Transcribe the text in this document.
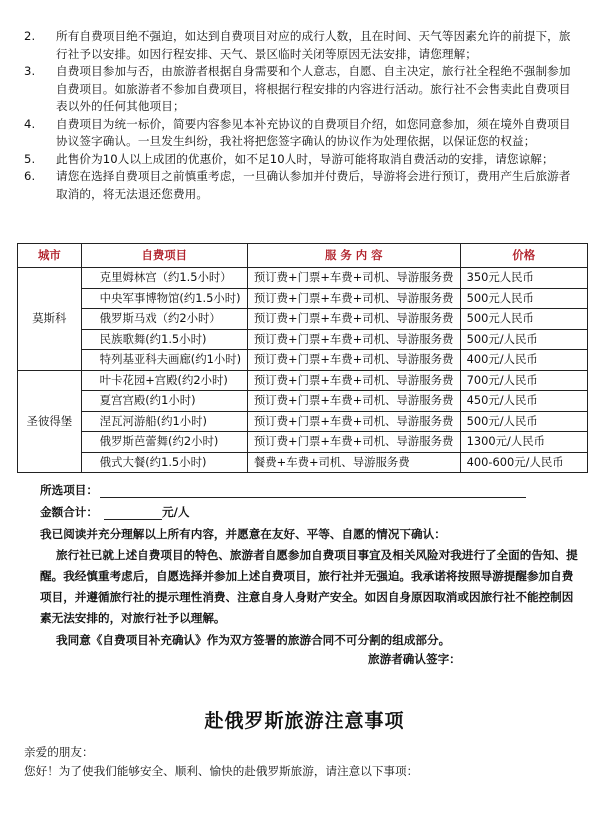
2.	所有自费项目绝不强迫，如达到自费项目对应的成行人数，且在时间、天气等因素允许的前提下，旅行社予以安排。如因行程安排、天气、景区临时关闭等原因无法安排，请您理解；
3.	自费项目参加与否，由旅游者根据自身需要和个人意志，自愿、自主决定，旅行社全程绝不强制参加自费项目。如旅游者不参加自费项目，将根据行程安排的内容进行活动。旅行社不会售卖此自费项目表以外的任何其他项目；
4.	自费项目为统一标价，简要内容参见本补充协议的自费项目介绍，如您同意参加，须在境外自费项目协议签字确认。一旦发生纠纷，我社将把您签字确认的协议作为处理依据，以保证您的权益；
5.	此售价为10人以上成团的优惠价，如不足10人时，导游可能将取消自费活动的安排，请您谅解；
6.	请您在选择自费项目之前慎重考虑，一旦确认参加并付费后，导游将会进行预订，费用产生后旅游者取消的，将无法退还您费用。
城市	自费项目	服 务 内 容	价格
莫斯科	克里姆林宫（约1.5小时）	预订费+门票+车费+司机、导游服务费	350元人民币
	中央军事博物馆(约1.5小时)	预订费+门票+车费+司机、导游服务费	500元人民币
	俄罗斯马戏（约2小时）	预订费+门票+车费+司机、导游服务费	500元人民币
	民族歌舞(约1.5小时)	预订费+门票+车费+司机、导游服务费	500元/人民币
	特列基亚科夫画廊(约1小时)	预订费+门票+车费+司机、导游服务费	400元/人民币
圣彼得堡	叶卡花园+宫殿(约2小时)	预订费+门票+车费+司机、导游服务费	700元/人民币
	夏宫宫殿(约1小时)	预订费+门票+车费+司机、导游服务费	450元/人民币
	涅瓦河游船(约1小时)	预订费+门票+车费+司机、导游服务费	500元/人民币
	俄罗斯芭蕾舞(约2小时)	预订费+门票+车费+司机、导游服务费	1300元/人民币
	俄式大餐(约1.5小时)	餐费+车费+司机、导游服务费	400-600元/人民币
所选项目：
金额合计：	元/人
我已阅读并充分理解以上所有内容，并愿意在友好、平等、自愿的情况下确认：
旅行社已就上述自费项目的特色、旅游者自愿参加自费项目事宜及相关风险对我进行了全面的告知、提醒。我经慎重考虑后，自愿选择并参加上述自费项目，旅行社并无强迫。我承诺将按照导游提醒参加自费项目，并遵循旅行社的提示理性消费、注意自身人身财产安全。如因自身原因取消或因旅行社不能控制因素无法安排的，对旅行社予以理解。
我同意《自费项目补充确认》作为双方签署的旅游合同不可分割的组成部分。
旅游者确认签字：
赴俄罗斯旅游注意事项
亲爱的朋友：
您好！为了使我们能够安全、顺利、愉快的赴俄罗斯旅游，请注意以下事项：
